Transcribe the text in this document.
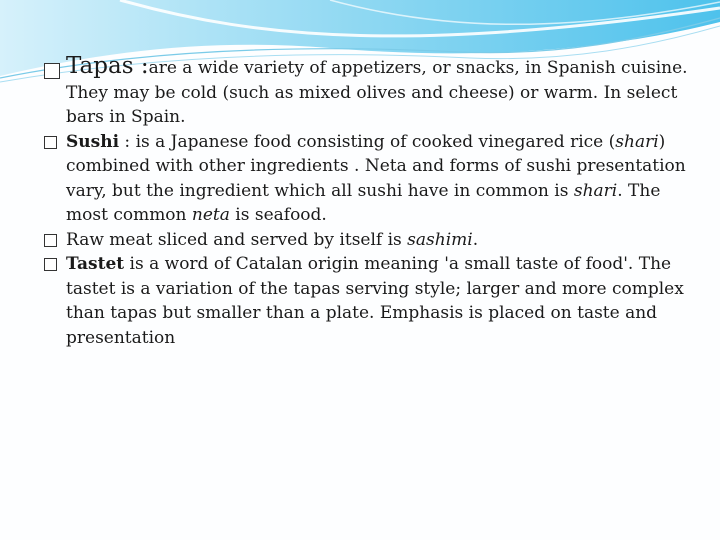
Tapas :are a wide variety of appetizers, or snacks, in Spanish cuisine. They may be cold (such as mixed olives and cheese) or warm. In select bars in Spain.

Sushi : is a Japanese food consisting of cooked vinegared rice (shari) combined with other ingredients . Neta and forms of sushi presentation vary, but the ingredient which all sushi have in common is shari. The most common neta is seafood.

Raw meat sliced and served by itself is sashimi.

Tastet is a word of Catalan origin meaning 'a small taste of food'. The tastet is a variation of the tapas serving style; larger and more complex than tapas but smaller than a plate. Emphasis is placed on taste and presentation
